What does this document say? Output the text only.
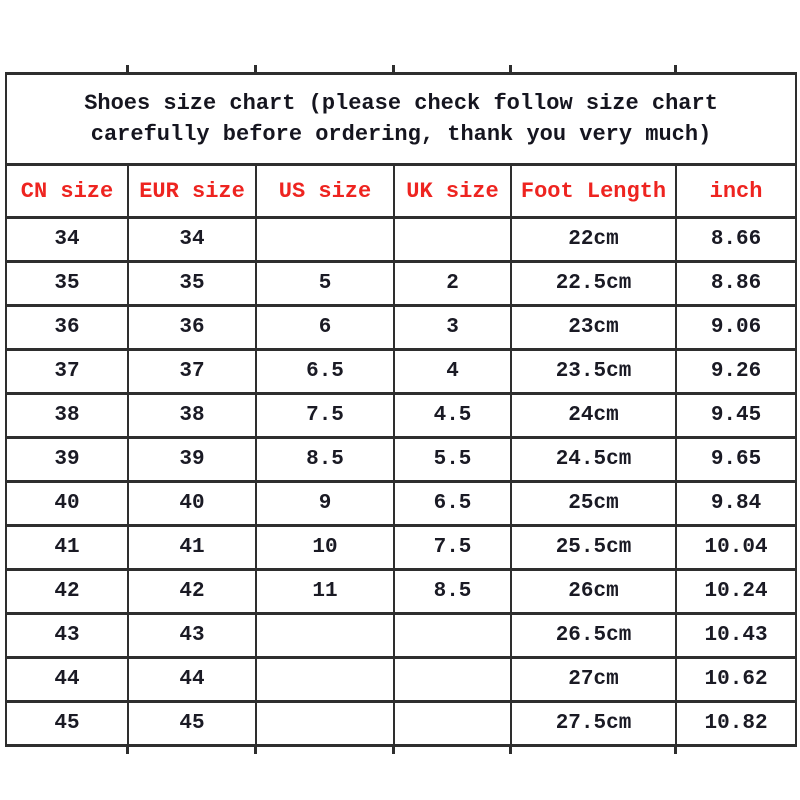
Shoes size chart (please check follow size chart
carefully before ordering, thank you very much)					

CN size	EUR size	US size	UK size	Foot Length	inch
34	34			22cm	8.66
35	35	5	2	22.5cm	8.86
36	36	6	3	23cm	9.06
37	37	6.5	4	23.5cm	9.26
38	38	7.5	4.5	24cm	9.45
39	39	8.5	5.5	24.5cm	9.65
40	40	9	6.5	25cm	9.84
41	41	10	7.5	25.5cm	10.04
42	42	11	8.5	26cm	10.24
43	43			26.5cm	10.43
44	44			27cm	10.62
45	45			27.5cm	10.82
